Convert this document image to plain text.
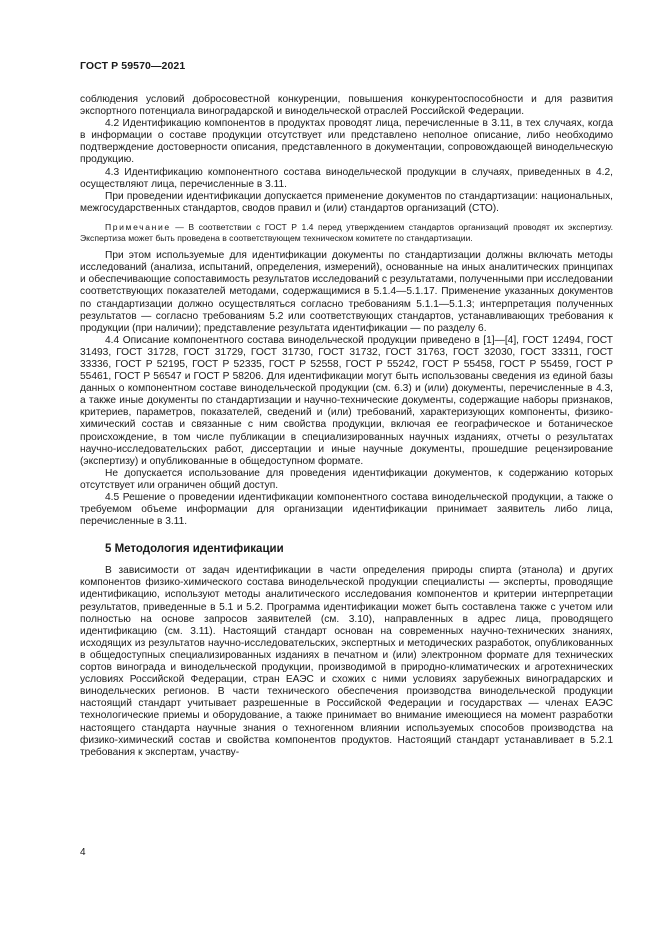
ГОСТ Р 59570—2021

соблюдения условий добросовестной конкуренции, повышения конкурентоспособности и для развития экспортного потенциала виноградарской и винодельческой отраслей Российской Федерации.

4.2 Идентификацию компонентов в продуктах проводят лица, перечисленные в 3.11, в тех случаях, когда в информации о составе продукции отсутствует или представлено неполное описание, либо необходимо подтверждение достоверности описания, представленного в документации, сопровождающей винодельческую продукцию.

4.3 Идентификацию компонентного состава винодельческой продукции в случаях, приведенных в 4.2, осуществляют лица, перечисленные в 3.11.

При проведении идентификации допускается применение документов по стандартизации: национальных, межгосударственных стандартов, сводов правил и (или) стандартов организаций (СТО).

Примечание — В соответствии с ГОСТ Р 1.4 перед утверждением стандартов организаций проводят их экспертизу. Экспертиза может быть проведена в соответствующем техническом комитете по стандартизации.

При этом используемые для идентификации документы по стандартизации должны включать методы исследований (анализа, испытаний, определения, измерений), основанные на иных аналитических принципах и обеспечивающие сопоставимость результатов исследований с результатами, полученными при исследовании соответствующих показателей методами, содержащимися в 5.1.4—5.1.17. Применение указанных документов по стандартизации должно осуществляться согласно требованиям 5.1.1—5.1.3; интерпретация полученных результатов — согласно требованиям 5.2 или соответствующих стандартов, устанавливающих требования к продукции (при наличии); представление результата идентификации — по разделу 6.

4.4 Описание компонентного состава винодельческой продукции приведено в [1]—[4], ГОСТ 12494, ГОСТ 31493, ГОСТ 31728, ГОСТ 31729, ГОСТ 31730, ГОСТ 31732, ГОСТ 31763, ГОСТ 32030, ГОСТ 33311, ГОСТ 33336, ГОСТ Р 52195, ГОСТ Р 52335, ГОСТ Р 52558, ГОСТ Р 55242, ГОСТ Р 55458, ГОСТ Р 55459, ГОСТ Р 55461, ГОСТ Р 56547 и ГОСТ Р 58206. Для идентификации могут быть использованы сведения из единой базы данных о компонентном составе винодельческой продукции (см. 6.3) и (или) документы, перечисленные в 4.3, а также иные документы по стандартизации и научно-технические документы, содержащие наборы признаков, критериев, параметров, показателей, сведений и (или) требований, характеризующих компоненты, физико-химический состав и связанные с ним свойства продукции, включая ее географическое и ботаническое происхождение, в том числе публикации в специализированных научных изданиях, отчеты о результатах научно-исследовательских работ, диссертации и иные научные документы, прошедшие рецензирование (экспертизу) и опубликованные в общедоступном формате.

Не допускается использование для проведения идентификации документов, к содержанию которых отсутствует или ограничен общий доступ.

4.5 Решение о проведении идентификации компонентного состава винодельческой продукции, а также о требуемом объеме информации для организации идентификации принимает заявитель либо лица, перечисленные в 3.11.

5 Методология идентификации

В зависимости от задач идентификации в части определения природы спирта (этанола) и других компонентов физико-химического состава винодельческой продукции специалисты — эксперты, проводящие идентификацию, используют методы аналитического исследования компонентов и критерии интерпретации результатов, приведенные в 5.1 и 5.2. Программа идентификации может быть составлена также с учетом или полностью на основе запросов заявителей (см. 3.10), направленных в адрес лица, проводящего идентификацию (см. 3.11). Настоящий стандарт основан на современных научно-технических знаниях, исходящих из результатов научно-исследовательских, экспертных и методических разработок, опубликованных в общедоступных специализированных изданиях в печатном и (или) электронном формате для технических сортов винограда и винодельческой продукции, производимой в природно-климатических и агротехнических условиях Российской Федерации, стран ЕАЭС и схожих с ними условиях зарубежных виноградарских и винодельческих регионов. В части технического обеспечения производства винодельческой продукции настоящий стандарт учитывает разрешенные в Российской Федерации и государствах — членах ЕАЭС технологические приемы и оборудование, а также принимает во внимание имеющиеся на момент разработки настоящего стандарта научные знания о техногенном влиянии используемых способов производства на физико-химический состав и свойства компонентов продуктов. Настоящий стандарт устанавливает в 5.2.1 требования к экспертам, участву-

4
